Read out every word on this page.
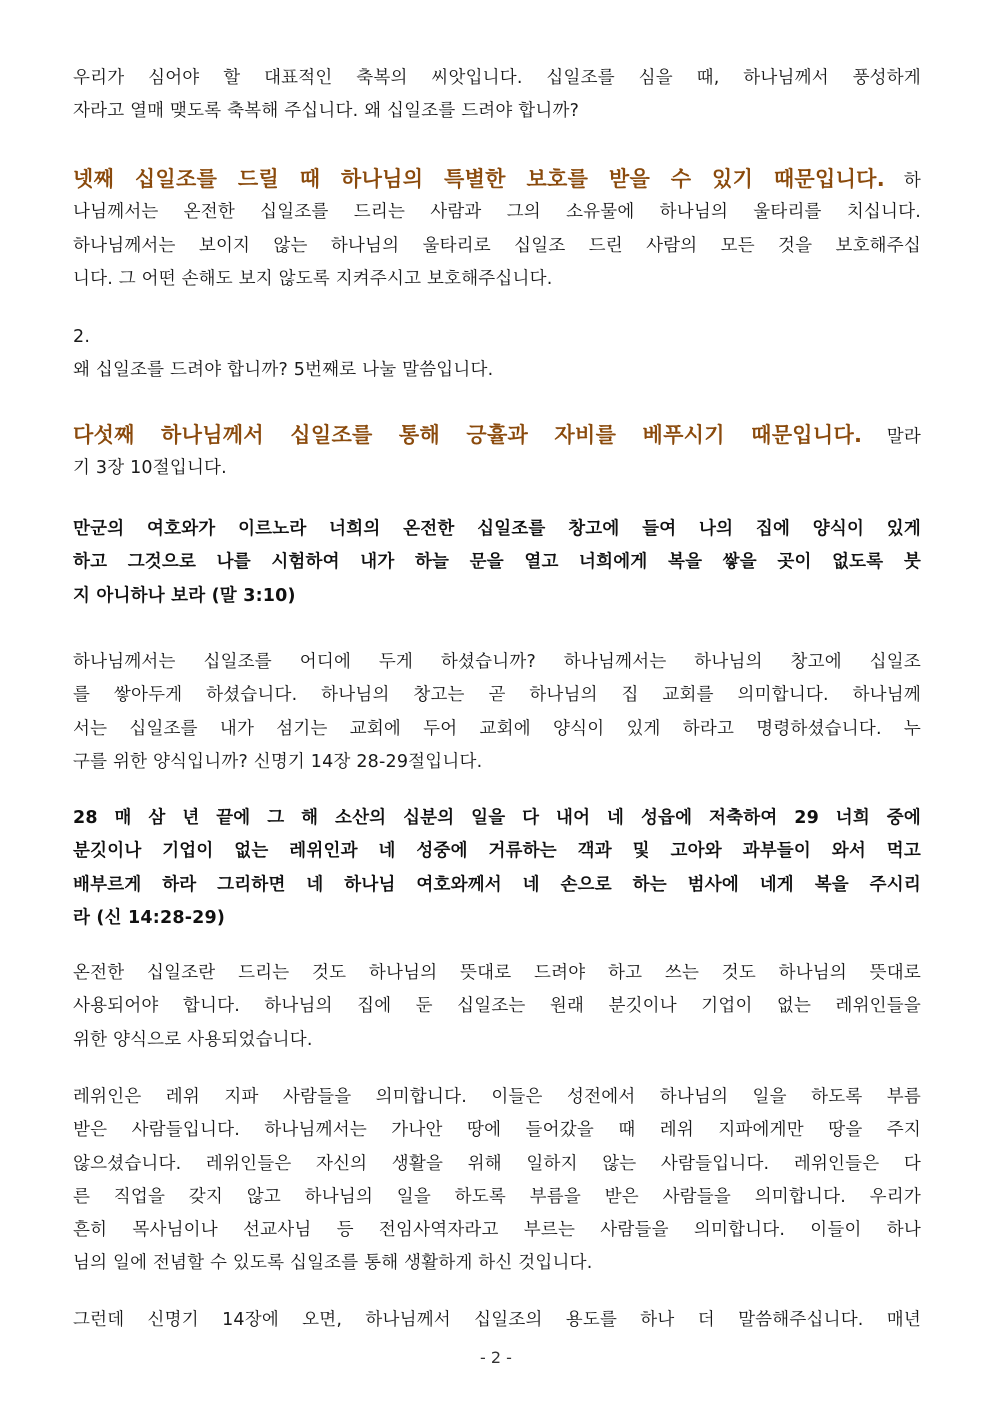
우리가 심어야 할 대표적인 축복의 씨앗입니다. 십일조를 심을 때, 하나님께서 풍성하게
자라고 열매 맺도록 축복해 주십니다. 왜 십일조를 드려야 합니까?
넷째 십일조를 드릴 때 하나님의 특별한 보호를 받을 수 있기 때문입니다. 하
나님께서는 온전한 십일조를 드리는 사람과 그의 소유물에 하나님의 울타리를 치십니다.
하나님께서는 보이지 않는 하나님의 울타리로 십일조 드린 사람의 모든 것을 보호해주십
니다. 그 어떤 손해도 보지 않도록 지켜주시고 보호해주십니다.
2.
왜 십일조를 드려야 합니까? 5번째로 나눌 말씀입니다.
다섯째 하나님께서 십일조를 통해 긍휼과 자비를 베푸시기 때문입니다. 말라
기 3장 10절입니다.
만군의 여호와가 이르노라 너희의 온전한 십일조를 창고에 들여 나의 집에 양식이 있게
하고 그것으로 나를 시험하여 내가 하늘 문을 열고 너희에게 복을 쌓을 곳이 없도록 붓
지 아니하나 보라 (말 3:10)
하나님께서는 십일조를 어디에 두게 하셨습니까? 하나님께서는 하나님의 창고에 십일조
를 쌓아두게 하셨습니다. 하나님의 창고는 곧 하나님의 집 교회를 의미합니다. 하나님께
서는 십일조를 내가 섬기는 교회에 두어 교회에 양식이 있게 하라고 명령하셨습니다. 누
구를 위한 양식입니까? 신명기 14장 28-29절입니다.
28 매 삼 년 끝에 그 해 소산의 십분의 일을 다 내어 네 성읍에 저축하여 29 너희 중에
분깃이나 기업이 없는 레위인과 네 성중에 거류하는 객과 및 고아와 과부들이 와서 먹고
배부르게 하라 그리하면 네 하나님 여호와께서 네 손으로 하는 범사에 네게 복을 주시리
라 (신 14:28-29)
온전한 십일조란 드리는 것도 하나님의 뜻대로 드려야 하고 쓰는 것도 하나님의 뜻대로
사용되어야 합니다. 하나님의 집에 둔 십일조는 원래 분깃이나 기업이 없는 레위인들을
위한 양식으로 사용되었습니다.
레위인은 레위 지파 사람들을 의미합니다. 이들은 성전에서 하나님의 일을 하도록 부름
받은 사람들입니다. 하나님께서는 가나안 땅에 들어갔을 때 레위 지파에게만 땅을 주지
않으셨습니다. 레위인들은 자신의 생활을 위해 일하지 않는 사람들입니다. 레위인들은 다
른 직업을 갖지 않고 하나님의 일을 하도록 부름을 받은 사람들을 의미합니다. 우리가
흔히 목사님이나 선교사님 등 전임사역자라고 부르는 사람들을 의미합니다. 이들이 하나
님의 일에 전념할 수 있도록 십일조를 통해 생활하게 하신 것입니다.
그런데 신명기 14장에 오면, 하나님께서 십일조의 용도를 하나 더 말씀해주십니다. 매년
- 2 -
